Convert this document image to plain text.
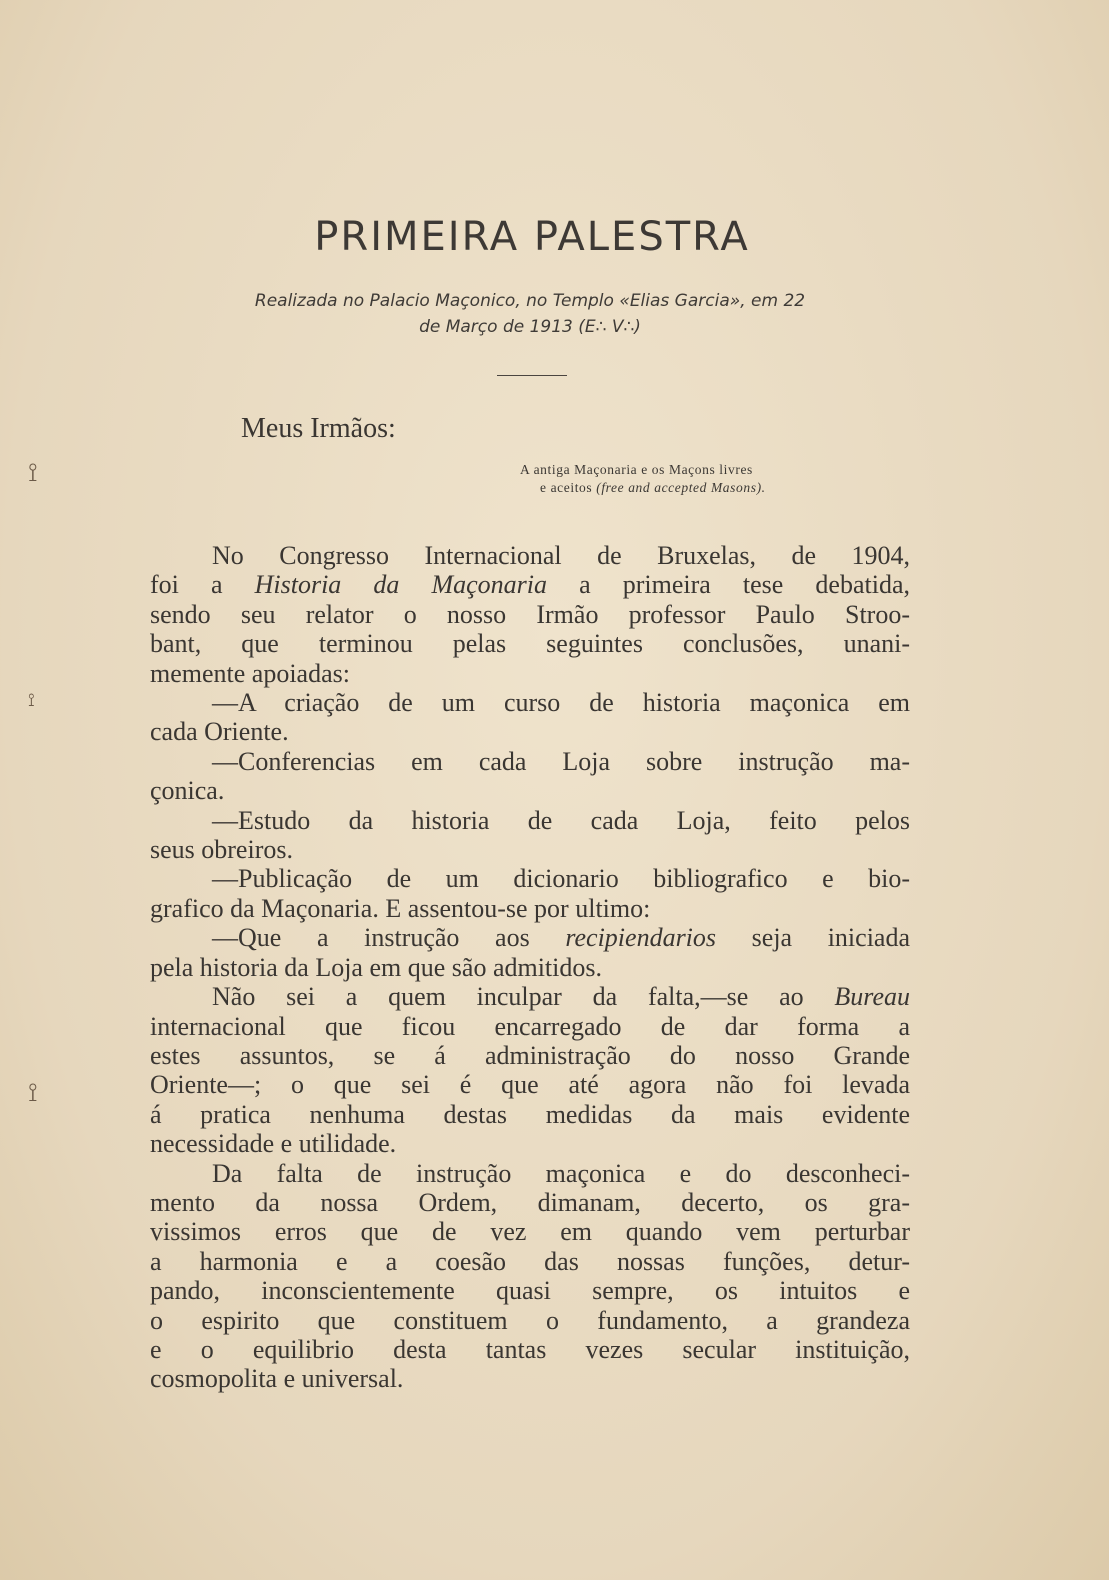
PRIMEIRA PALESTRA
Realizada no Palacio Maçonico, no Templo «Elias Garcia», em 22
de Março de 1913 (E∴ V∴)
Meus Irmãos:
A antiga Maçonaria e os Maçons livres
e aceitos (free and accepted Masons).
No Congresso Internacional de Bruxelas, de 1904,
foi a Historia da Maçonaria a primeira tese debatida,
sendo seu relator o nosso Irmão professor Paulo Stroo-
bant, que terminou pelas seguintes conclusões, unani-
memente apoiadas:
—A criação de um curso de historia maçonica em
cada Oriente.
—Conferencias em cada Loja sobre instrução ma-
çonica.
—Estudo da historia de cada Loja, feito pelos
seus obreiros.
—Publicação de um dicionario bibliografico e bio-
grafico da Maçonaria. E assentou-se por ultimo:
—Que a instrução aos recipiendarios seja iniciada
pela historia da Loja em que são admitidos.
Não sei a quem inculpar da falta,—se ao Bureau
internacional que ficou encarregado de dar forma a
estes assuntos, se á administração do nosso Grande
Oriente—; o que sei é que até agora não foi levada
á pratica nenhuma destas medidas da mais evidente
necessidade e utilidade.
Da falta de instrução maçonica e do desconheci-
mento da nossa Ordem, dimanam, decerto, os gra-
vissimos erros que de vez em quando vem perturbar
a harmonia e a coesão das nossas funções, detur-
pando, inconscientemente quasi sempre, os intuitos e
o espirito que constituem o fundamento, a grandeza
e o equilibrio desta tantas vezes secular instituição,
cosmopolita e universal.
⟟
⟟
⟟
